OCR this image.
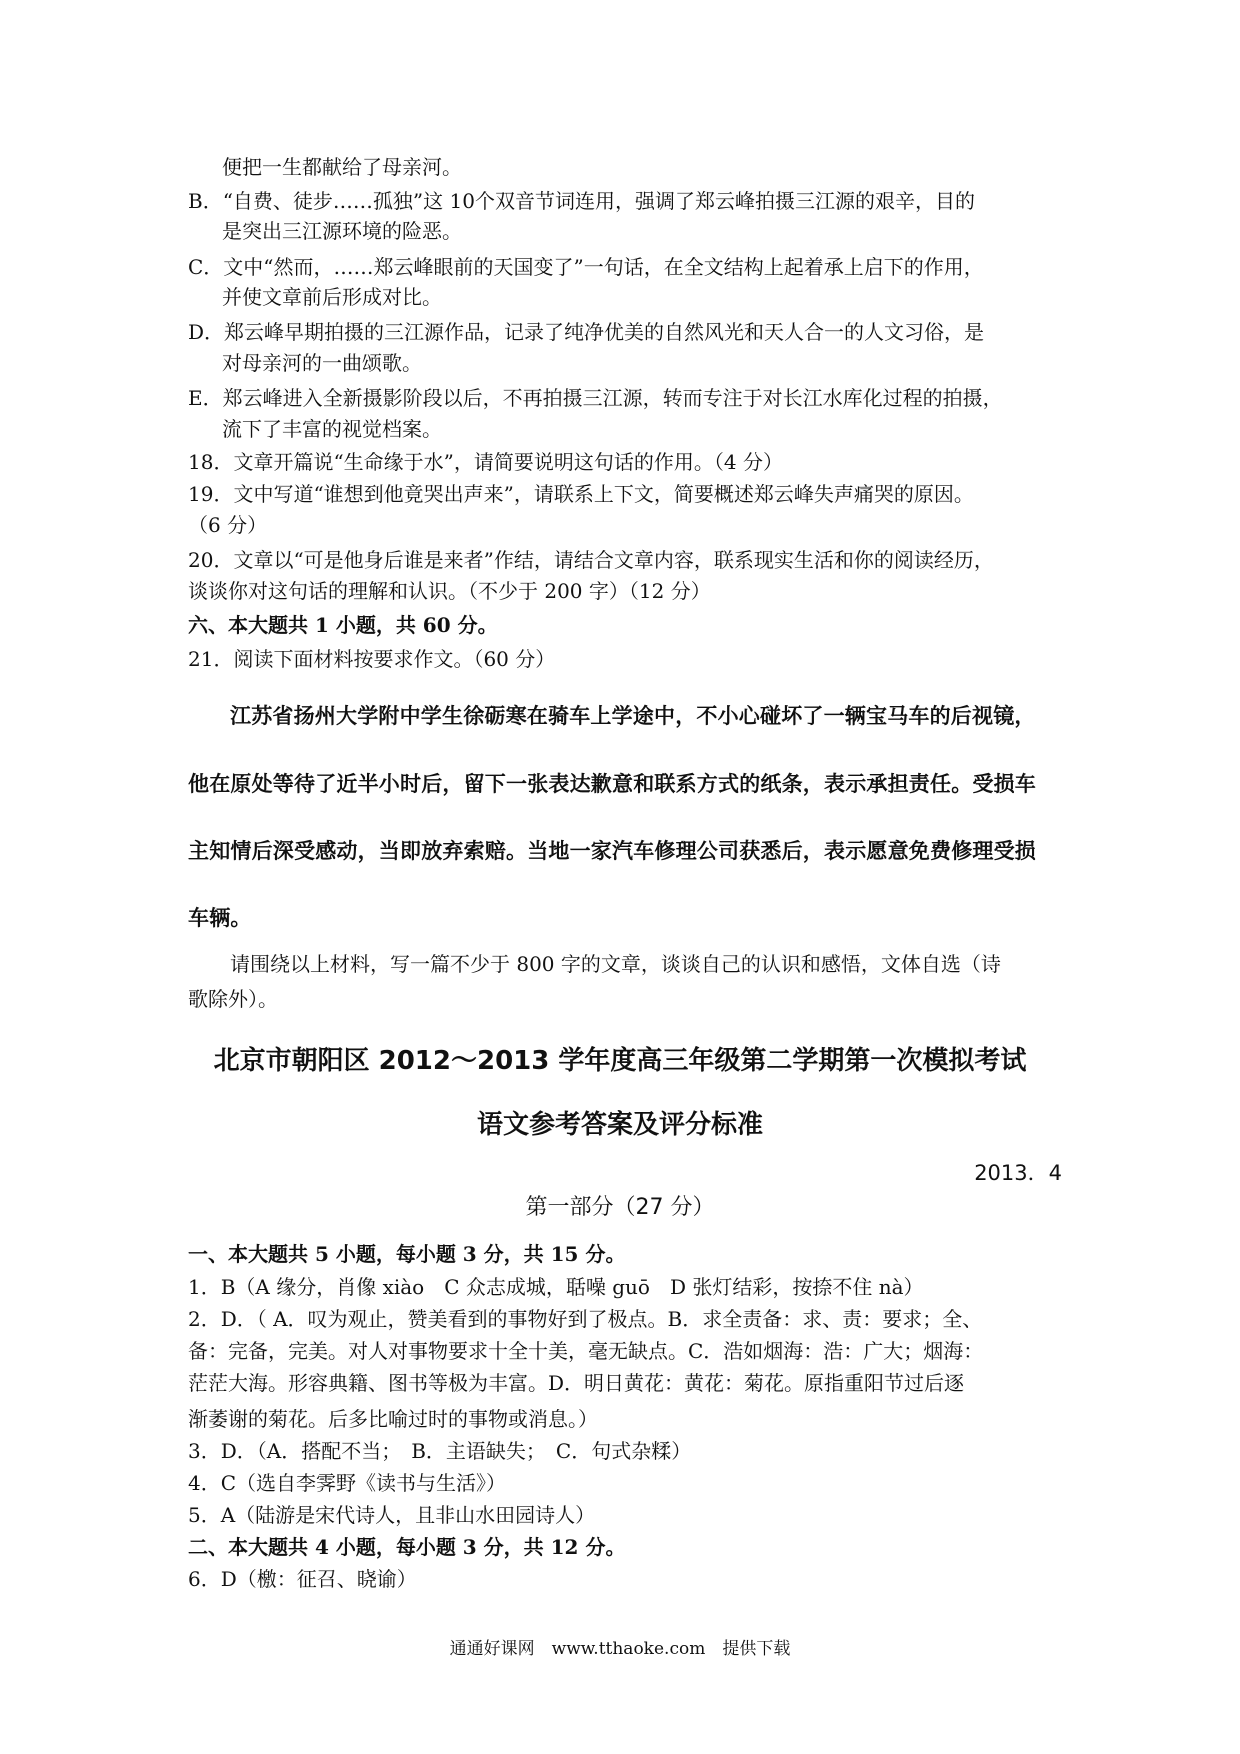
便把一生都献给了母亲河。
B．“自费、徒步……孤独”这 10个双音节词连用，强调了郑云峰拍摄三江源的艰辛，目的
是突出三江源环境的险恶。
C．文中“然而，……郑云峰眼前的天国变了”一句话，在全文结构上起着承上启下的作用，
并使文章前后形成对比。
D．郑云峰早期拍摄的三江源作品，记录了纯净优美的自然风光和天人合一的人文习俗，是
对母亲河的一曲颂歌。
E．郑云峰进入全新摄影阶段以后，不再拍摄三江源，转而专注于对长江水库化过程的拍摄，
流下了丰富的视觉档案。
18．文章开篇说“生命缘于水”，请简要说明这句话的作用。（4 分）
19．文中写道“谁想到他竟哭出声来”，请联系上下文，简要概述郑云峰失声痛哭的原因。
（6 分）
20．文章以“可是他身后谁是来者”作结，请结合文章内容，联系现实生活和你的阅读经历，
谈谈你对这句话的理解和认识。（不少于 200 字）（12 分）
六、本大题共 1 小题，共 60 分。
21．阅读下面材料按要求作文。（60 分）
江苏省扬州大学附中学生徐砺寒在骑车上学途中，不小心碰坏了一辆宝马车的后视镜，
他在原处等待了近半小时后，留下一张表达歉意和联系方式的纸条，表示承担责任。受损车
主知情后深受感动，当即放弃索赔。当地一家汽车修理公司获悉后，表示愿意免费修理受损
车辆。
请围绕以上材料，写一篇不少于 800 字的文章，谈谈自己的认识和感悟，文体自选（诗
歌除外）。
北京市朝阳区 2012～2013 学年度高三年级第二学期第一次模拟考试
语文参考答案及评分标准
2013．4
第一部分（27 分）
一、本大题共 5 小题，每小题 3 分，共 15 分。
1．B（A 缘分，肖像 xiào　C 众志成城，聒噪 guō　D 张灯结彩，按捺不住 nà）
2．D．（ A．叹为观止，赞美看到的事物好到了极点。B．求全责备：求、责：要求；全、
备：完备，完美。对人对事物要求十全十美，毫无缺点。C．浩如烟海：浩：广大；烟海：
茫茫大海。形容典籍、图书等极为丰富。D．明日黄花：黄花：菊花。原指重阳节过后逐
渐萎谢的菊花。后多比喻过时的事物或消息。）
3．D．（A．搭配不当；　B．主语缺失；　C．句式杂糅）
4．C（选自李霁野《读书与生活》）
5．A（陆游是宋代诗人，且非山水田园诗人）
二、本大题共 4 小题，每小题 3 分，共 12 分。
6．D（檄：征召、晓谕）
通通好课网　www.tthaoke.com　提供下载
